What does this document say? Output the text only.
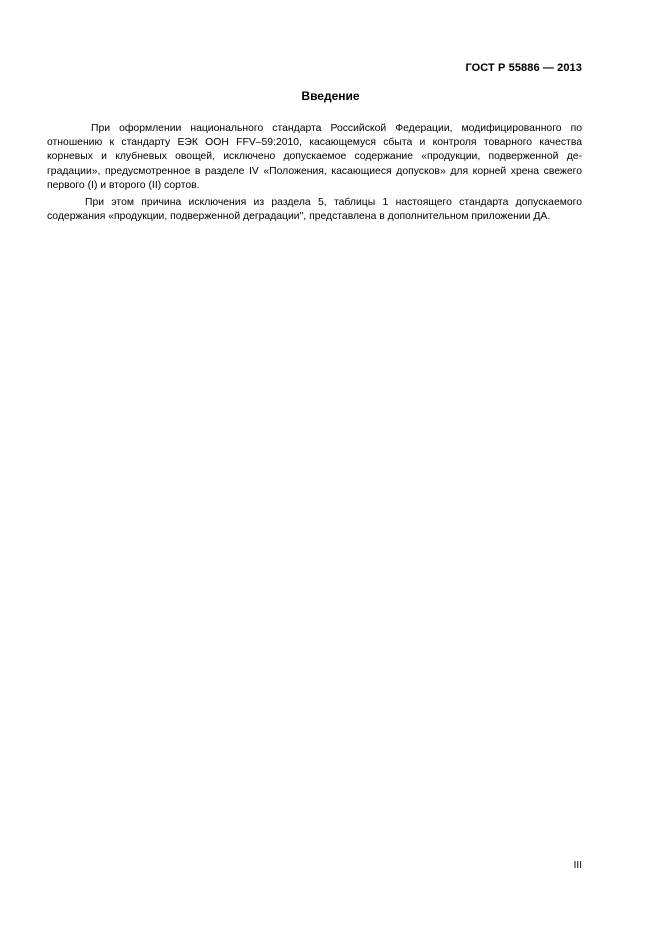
ГОСТ Р 55886 — 2013
Введение

При оформлении национального стандарта Российской Федерации, модифицированного по отношению к стандарту ЕЭК ООН FFV–59:2010, касающемуся сбыта и контроля товарного качества корневых и клубневых овощей, исключено допускаемое содержание «продукции, подверженной де-градации», предусмотренное в разделе IV «Положения, касающиеся допусков» для корней хрена свежего первого (I) и второго (II) сортов.

При этом причина исключения из раздела 5, таблицы 1 настоящего стандарта допускаемого содержания «продукции, подверженной деградации", представлена в дополнительном приложении ДА.

III
